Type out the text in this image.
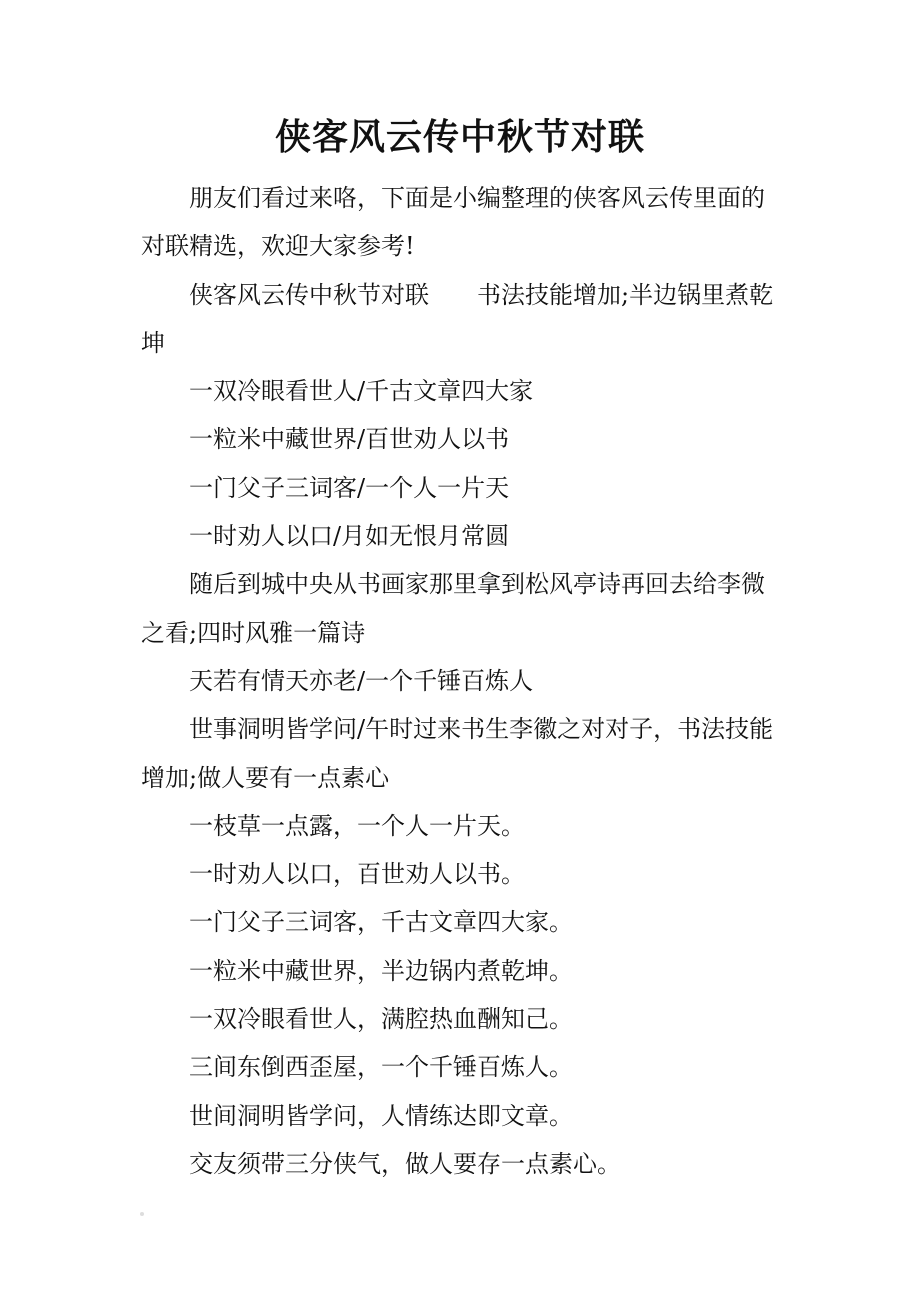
侠客风云传中秋节对联

朋友们看过来咯，下面是小编整理的侠客风云传里面的对联精选，欢迎大家参考!

侠客风云传中秋节对联　　书法技能增加;半边锅里煮乾坤

一双冷眼看世人/千古文章四大家

一粒米中藏世界/百世劝人以书

一门父子三词客/一个人一片天

一时劝人以口/月如无恨月常圆

随后到城中央从书画家那里拿到松风亭诗再回去给李微之看;四时风雅一篇诗

天若有情天亦老/一个千锤百炼人

世事洞明皆学问/午时过来书生李徽之对对子，书法技能增加;做人要有一点素心

一枝草一点露，一个人一片天。

一时劝人以口，百世劝人以书。

一门父子三词客，千古文章四大家。

一粒米中藏世界，半边锅内煮乾坤。

一双冷眼看世人，满腔热血酬知己。

三间东倒西歪屋，一个千锤百炼人。

世间洞明皆学问，人情练达即文章。

交友须带三分侠气，做人要存一点素心。
